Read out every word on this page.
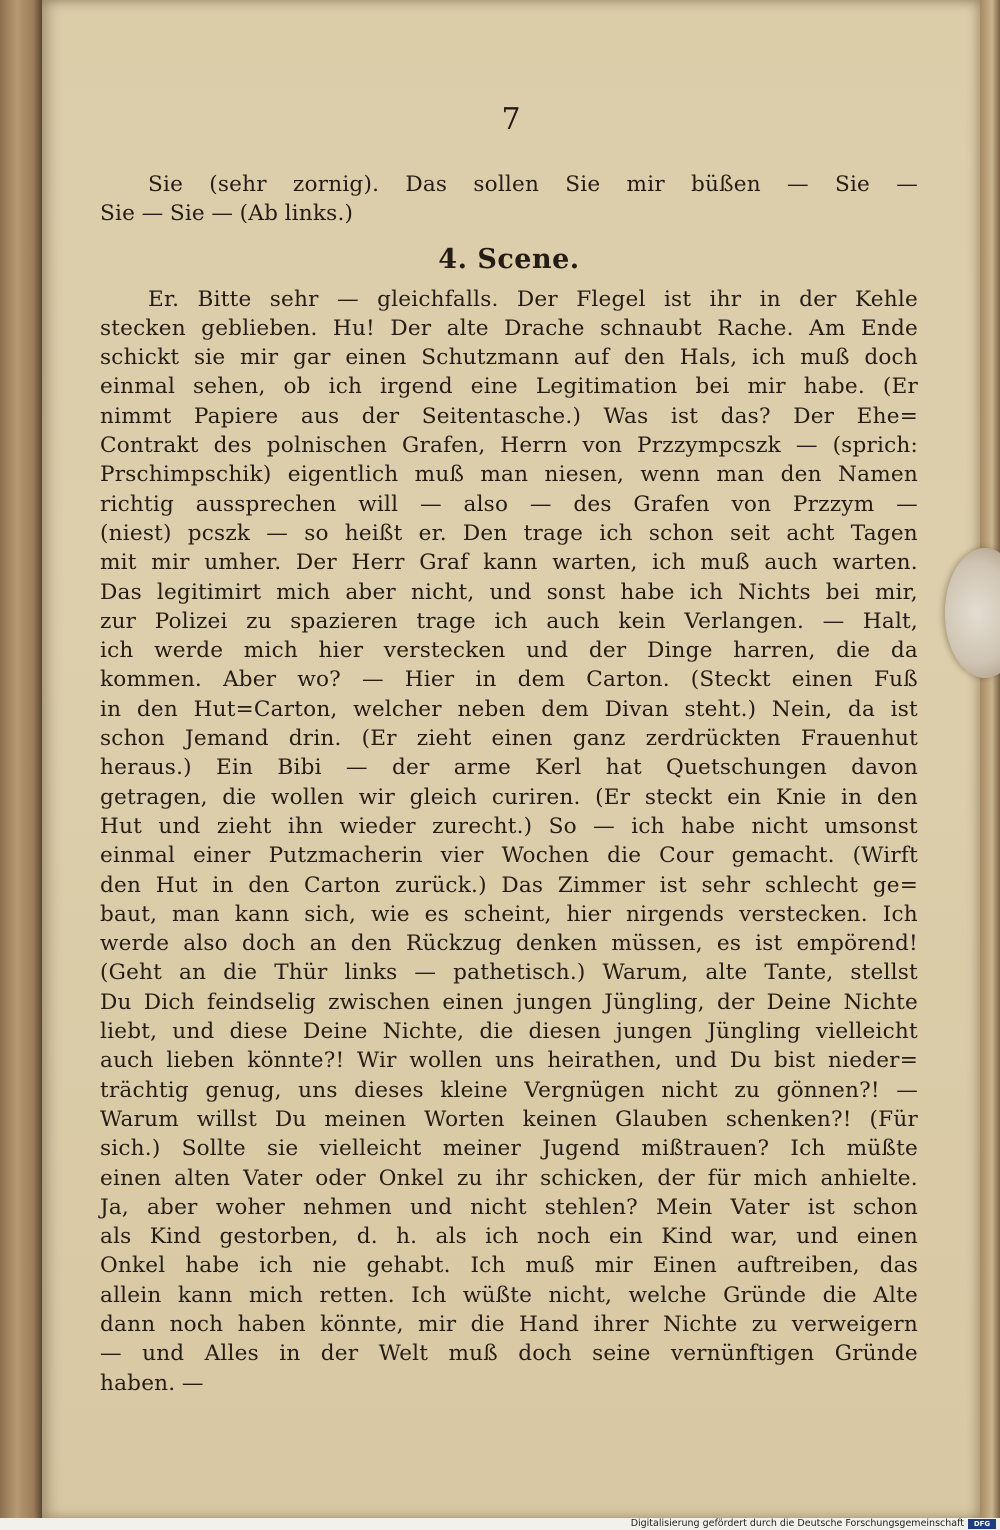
7
Sie (sehr zornig). Das sollen Sie mir büßen — Sie —
Sie — Sie — (Ab links.)
4. Scene.
Er. Bitte sehr — gleichfalls. Der Flegel ist ihr in der Kehle
stecken geblieben. Hu! Der alte Drache schnaubt Rache. Am Ende
schickt sie mir gar einen Schutzmann auf den Hals, ich muß doch
einmal sehen, ob ich irgend eine Legitimation bei mir habe. (Er
nimmt Papiere aus der Seitentasche.) Was ist das? Der Ehe=
Contrakt des polnischen Grafen, Herrn von Przzympcszk — (sprich:
Prschimpschik) eigentlich muß man niesen, wenn man den Namen
richtig aussprechen will — also — des Grafen von Przzym —
(niest) pcszk — so heißt er. Den trage ich schon seit acht Tagen
mit mir umher. Der Herr Graf kann warten, ich muß auch warten.
Das legitimirt mich aber nicht, und sonst habe ich Nichts bei mir,
zur Polizei zu spazieren trage ich auch kein Verlangen. — Halt,
ich werde mich hier verstecken und der Dinge harren, die da
kommen. Aber wo? — Hier in dem Carton. (Steckt einen Fuß
in den Hut=Carton, welcher neben dem Divan steht.) Nein, da ist
schon Jemand drin. (Er zieht einen ganz zerdrückten Frauenhut
heraus.) Ein Bibi — der arme Kerl hat Quetschungen davon
getragen, die wollen wir gleich curiren. (Er steckt ein Knie in den
Hut und zieht ihn wieder zurecht.) So — ich habe nicht umsonst
einmal einer Putzmacherin vier Wochen die Cour gemacht. (Wirft
den Hut in den Carton zurück.) Das Zimmer ist sehr schlecht ge=
baut, man kann sich, wie es scheint, hier nirgends verstecken. Ich
werde also doch an den Rückzug denken müssen, es ist empörend!
(Geht an die Thür links — pathetisch.) Warum, alte Tante, stellst
Du Dich feindselig zwischen einen jungen Jüngling, der Deine Nichte
liebt, und diese Deine Nichte, die diesen jungen Jüngling vielleicht
auch lieben könnte?! Wir wollen uns heirathen, und Du bist nieder=
trächtig genug, uns dieses kleine Vergnügen nicht zu gönnen?! —
Warum willst Du meinen Worten keinen Glauben schenken?! (Für
sich.) Sollte sie vielleicht meiner Jugend mißtrauen? Ich müßte
einen alten Vater oder Onkel zu ihr schicken, der für mich anhielte.
Ja, aber woher nehmen und nicht stehlen? Mein Vater ist schon
als Kind gestorben, d. h. als ich noch ein Kind war, und einen
Onkel habe ich nie gehabt. Ich muß mir Einen auftreiben, das
allein kann mich retten. Ich wüßte nicht, welche Gründe die Alte
dann noch haben könnte, mir die Hand ihrer Nichte zu verweigern
— und Alles in der Welt muß doch seine vernünftigen Gründe
haben. —
Digitalisierung gefördert durch die Deutsche Forschungsgemeinschaft	DFG
